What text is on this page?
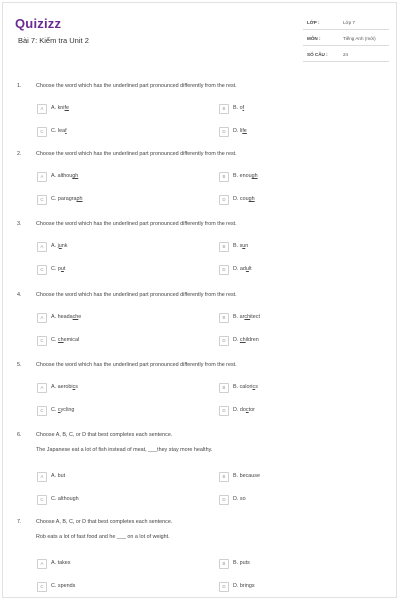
Quizizz
Bài 7: Kiểm tra Unit 2
LỚP :	Lớp 7
MÔN :	Tiếng Anh (mới)
SỐ CÂU :	24
1.	Choose the word which has the underlined part pronounced differently from the rest.
A	A. knife	B	B. of
C	C. leaf	D	D. life
2.	Choose the word which has the underlined part pronounced differently from the rest.
A	A. although	B	B. enough
C	C. paragraph	D	D. cough
3.	Choose the word which has the underlined part pronounced differently from the rest.
A	A. junk	B	B. sun
C	C. put	D	D. adult
4.	Choose the word which has the underlined part pronounced differently from the rest.
A	A. headache	B	B. architect
C	C. chemical	D	D. children
5.	Choose the word which has the underlined part pronounced differently from the rest.
A	A. aerobics	B	B. calorics
C	C. cycling	D	D. doctor
6.	Choose A, B, C, or D that best completes each sentence.
The Japanese eat a lot of fish instead of meat, ___they stay more healthy.
A	A. but	B	B. because
C	C. although	D	D. so
7.	Choose A, B, C, or D that best completes each sentence.
Rob eats a lot of fast food and he ___ on a lot of weight.
A	A. takes	B	B. puts
C	C. spends	D	D. brings
